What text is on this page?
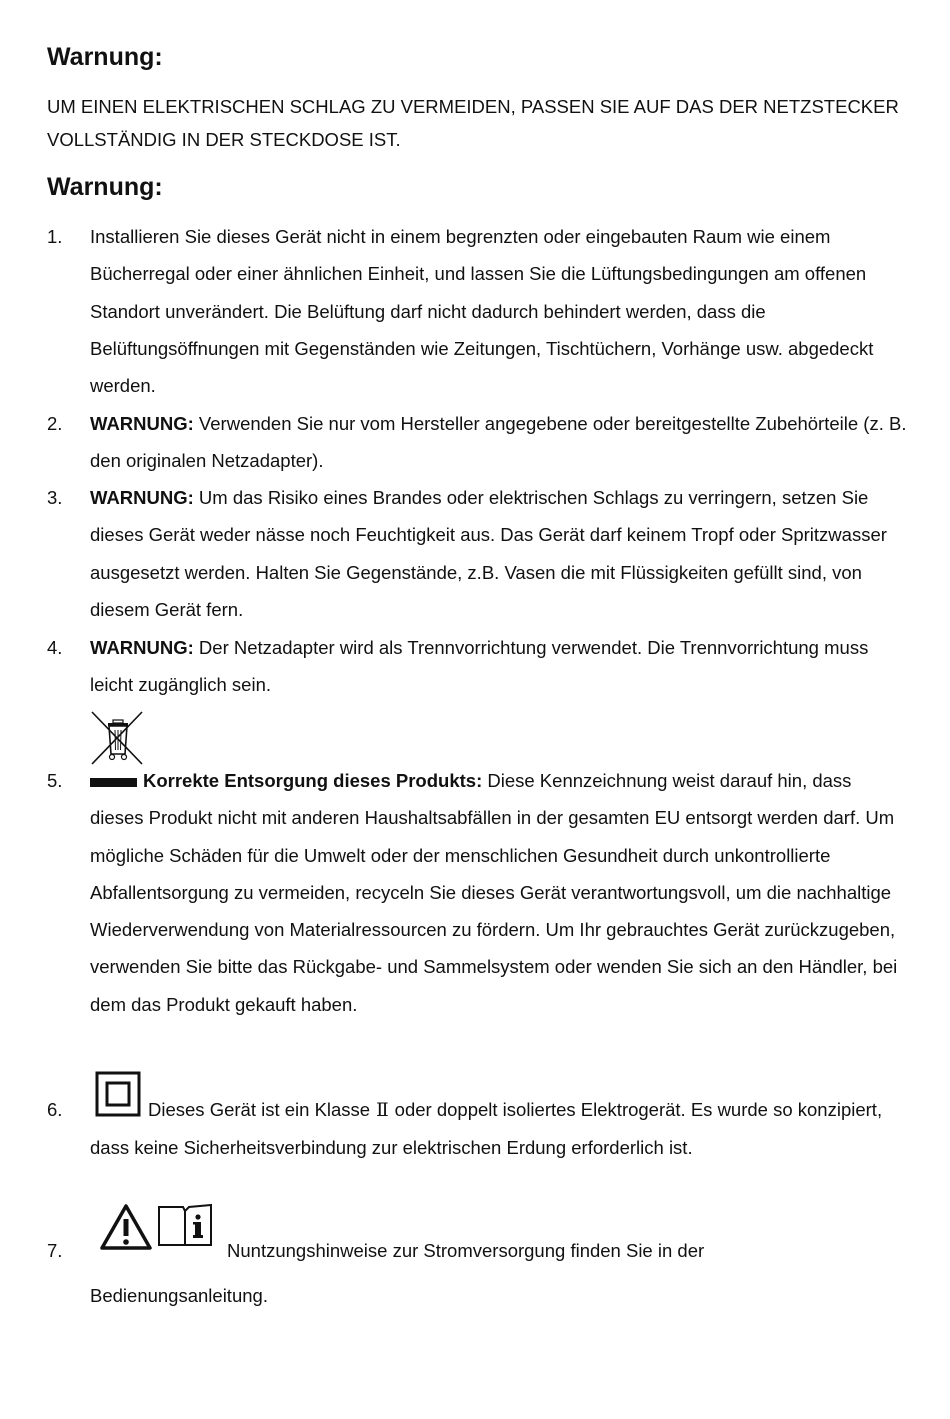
Warnung:

UM EINEN ELEKTRISCHEN SCHLAG ZU VERMEIDEN, PASSEN SIE AUF DAS DER NETZSTECKER
VOLLSTÄNDIG IN DER STECKDOSE IST.

Warnung:
1. Installieren Sie dieses Gerät nicht in einem begrenzten oder eingebauten Raum wie einem Bücherregal oder einer ähnlichen Einheit, und lassen Sie die Lüftungsbedingungen am offenen Standort unverändert. Die Belüftung darf nicht dadurch behindert werden, dass die Belüftungsöffnungen mit Gegenständen wie Zeitungen, Tischtüchern, Vorhänge usw. abgedeckt werden.

2. WARNUNG: Verwenden Sie nur vom Hersteller angegebene oder bereitgestellte Zubehörteile (z. B. den originalen Netzadapter).

3. WARNUNG: Um das Risiko eines Brandes oder elektrischen Schlags zu verringern, setzen Sie dieses Gerät weder nässe noch Feuchtigkeit aus. Das Gerät darf keinem Tropf oder Spritzwasser ausgesetzt werden. Halten Sie Gegenstände, z.B. Vasen die mit Flüssigkeiten gefüllt sind, von diesem Gerät fern.

4. WARNUNG: Der Netzadapter wird als Trennvorrichtung verwendet. Die Trennvorrichtung muss leicht zugänglich sein.

5.	Korrekte Entsorgung dieses Produkts: Diese Kennzeichnung weist darauf hin, dass dieses Produkt nicht mit anderen Haushaltsabfällen in der gesamten EU entsorgt werden darf. Um mögliche Schäden für die Umwelt oder der menschlichen Gesundheit durch unkontrollierte Abfallentsorgung zu vermeiden, recyceln Sie dieses Gerät verantwortungsvoll, um die nachhaltige Wiederverwendung von Materialressourcen zu fördern. Um Ihr gebrauchtes Gerät zurückzugeben, verwenden Sie bitte das Rückgabe- und Sammelsystem oder wenden Sie sich an den Händler, bei dem das Produkt gekauft haben.

6.	Dieses Gerät ist ein Klasse Ⅱ oder doppelt isoliertes Elektrogerät. Es wurde so konzipiert, dass keine Sicherheitsverbindung zur elektrischen Erdung erforderlich ist.

7.	Nuntzungshinweise zur Stromversorgung finden Sie in der

Bedienungsanleitung.
